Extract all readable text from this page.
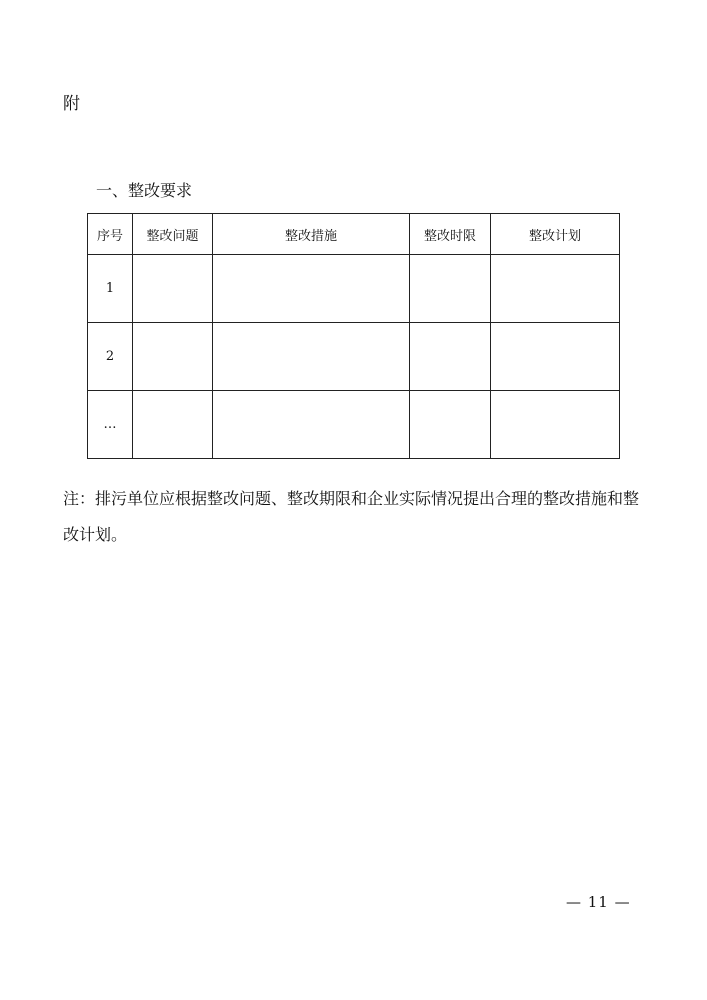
附
一、整改要求
序号	整改问题	整改措施	整改时限	整改计划
1				
2				
…				
注：排污单位应根据整改问题、整改期限和企业实际情况提出合理的整改措施和整改计划。
— 11 —
